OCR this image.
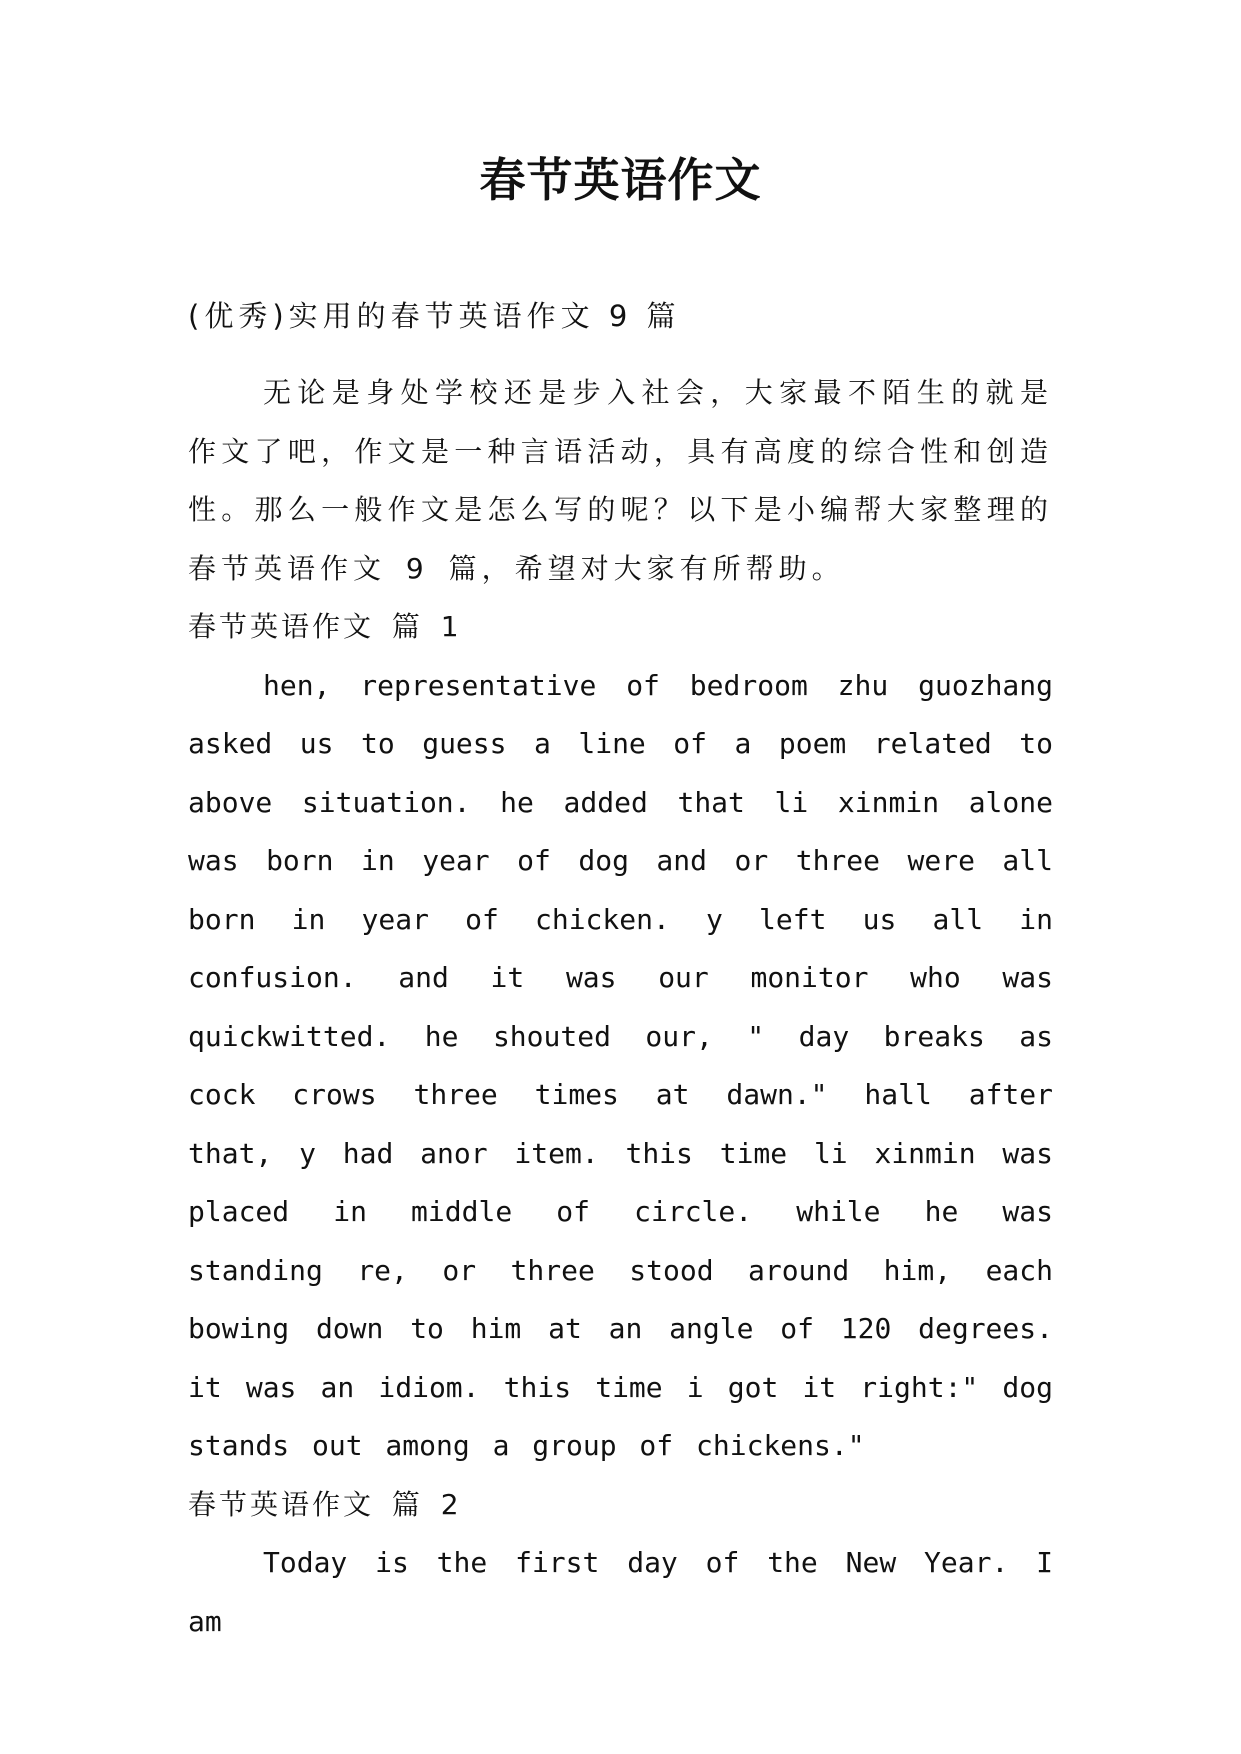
春节英语作文
(优秀)实用的春节英语作文 9 篇

无论是身处学校还是步入社会，大家最不陌生的就是作文了吧，作文是一种言语活动，具有高度的综合性和创造性。那么一般作文是怎么写的呢？以下是小编帮大家整理的春节英语作文 9 篇，希望对大家有所帮助。

春节英语作文 篇 1

hen, representative of bedroom zhu guozhang asked us to guess a line of a poem related to above situation. he added that li xinmin alone was born in year of dog and or three were all born in year of chicken. y left us all in confusion. and it was our monitor who was quickwitted. he shouted our, " day breaks as cock crows three times at dawn." hall after that, y had anor item. this time li xinmin was placed in middle of circle. while he was standing re, or three stood around him, each bowing down to him at an angle of 120 degrees. it was an idiom. this time i got it right:" dog stands out among a group of chickens."

春节英语作文 篇 2

Today is the first day of the New Year. I am
